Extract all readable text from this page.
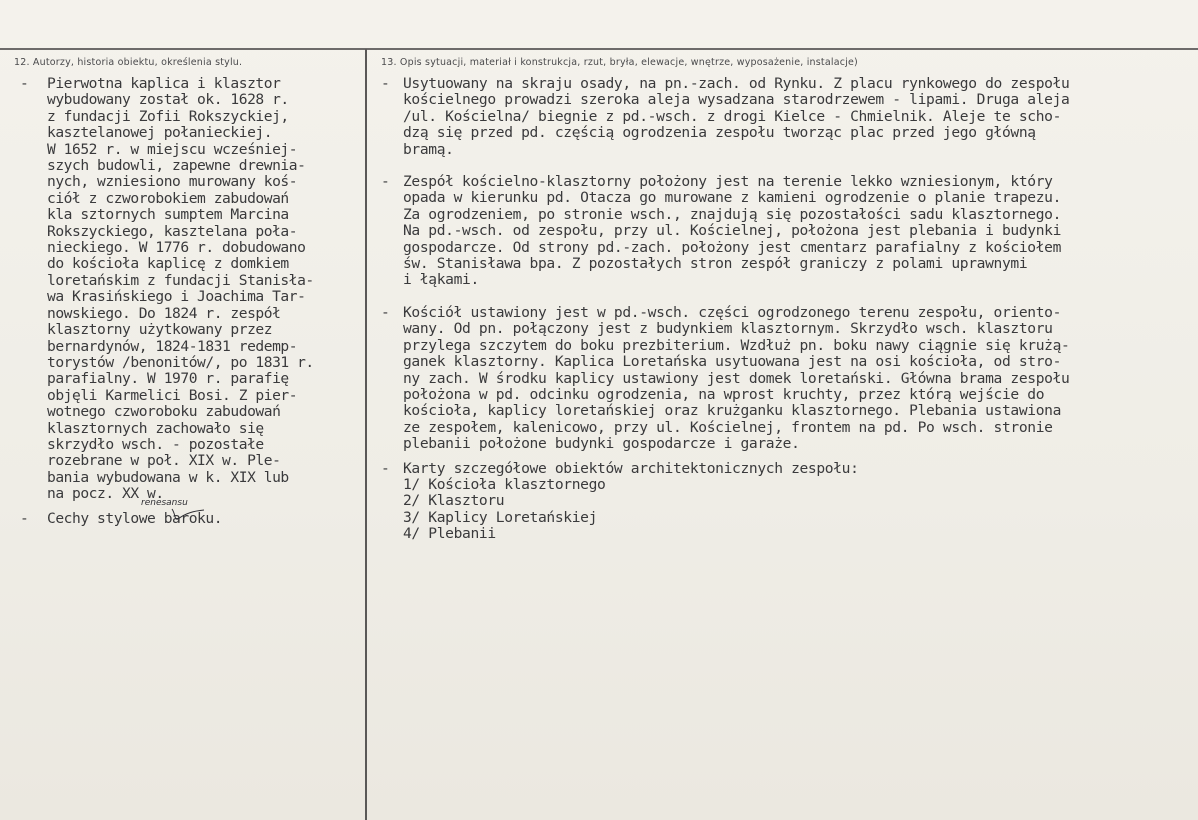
12. Autorzy, historia obiektu, określenia stylu.	13. Opis sytuacji, materiał i konstrukcja, rzut, bryła, elewacje, wnętrze, wyposażenie, instalacje)
-	Pierwotna kaplica i klasztor
wybudowany został ok. 1628 r.
z fundacji Zofii Rokszyckiej,
kasztelanowej połanieckiej.
W 1652 r. w miejscu wcześniej-
szych budowli, zapewne drewnia-
nych, wzniesiono murowany koś-
ciół z czworobokiem zabudowań
kla sztornych sumptem Marcina
Rokszyckiego, kasztelana poła-
nieckiego. W 1776 r. dobudowano
do kościoła kaplicę z domkiem
loretańskim z fundacji Stanisła-
wa Krasińskiego i Joachima Tar-
nowskiego. Do 1824 r. zespół
klasztorny użytkowany przez
bernardynów, 1824-1831 redemp-
torystów /benonitów/, po 1831 r.
parafialny. W 1970 r. parafię
objęli Karmelici Bosi. Z pier-
wotnego czworoboku zabudowań
klasztornych zachowało się
skrzydło wsch. - pozostałe
rozebrane w poł. XIX w. Ple-
bania wybudowana w k. XIX lub
na pocz. XX w.
-	Cechy stylowe baroku.
renesansu
- Usytuowany na skraju osady, na pn.-zach. od Rynku. Z placu rynkowego do zespołu
kościelnego prowadzi szeroka aleja wysadzana starodrzewem - lipami. Druga aleja
/ul. Kościelna/ biegnie z pd.-wsch. z drogi Kielce - Chmielnik. Aleje te scho-
dzą się przed pd. częścią ogrodzenia zespołu tworząc plac przed jego główną
bramą.
- Zespół kościelno-klasztorny położony jest na terenie lekko wzniesionym, który
opada w kierunku pd. Otacza go murowane z kamieni ogrodzenie o planie trapezu.
Za ogrodzeniem, po stronie wsch., znajdują się pozostałości sadu klasztornego.
Na pd.-wsch. od zespołu, przy ul. Kościelnej, położona jest plebania i budynki
gospodarcze. Od strony pd.-zach. położony jest cmentarz parafialny z kościołem
św. Stanisława bpa. Z pozostałych stron zespół graniczy z polami uprawnymi
i łąkami.
- Kościół ustawiony jest w pd.-wsch. części ogrodzonego terenu zespołu, oriento-
wany. Od pn. połączony jest z budynkiem klasztornym. Skrzydło wsch. klasztoru
przylega szczytem do boku prezbiterium. Wzdłuż pn. boku nawy ciągnie się krużą-
ganek klasztorny. Kaplica Loretańska usytuowana jest na osi kościoła, od stro-
ny zach. W środku kaplicy ustawiony jest domek loretański. Główna brama zespołu
położona w pd. odcinku ogrodzenia, na wprost kruchty, przez którą wejście do
kościoła, kaplicy loretańskiej oraz krużganku klasztornego. Plebania ustawiona
ze zespołem, kalenicowo, przy ul. Kościelnej, frontem na pd. Po wsch. stronie
plebanii położone budynki gospodarcze i garaże.
- Karty szczegółowe obiektów architektonicznych zespołu:
1/ Kościoła klasztornego
2/ Klasztoru
3/ Kaplicy Loretańskiej
4/ Plebanii
